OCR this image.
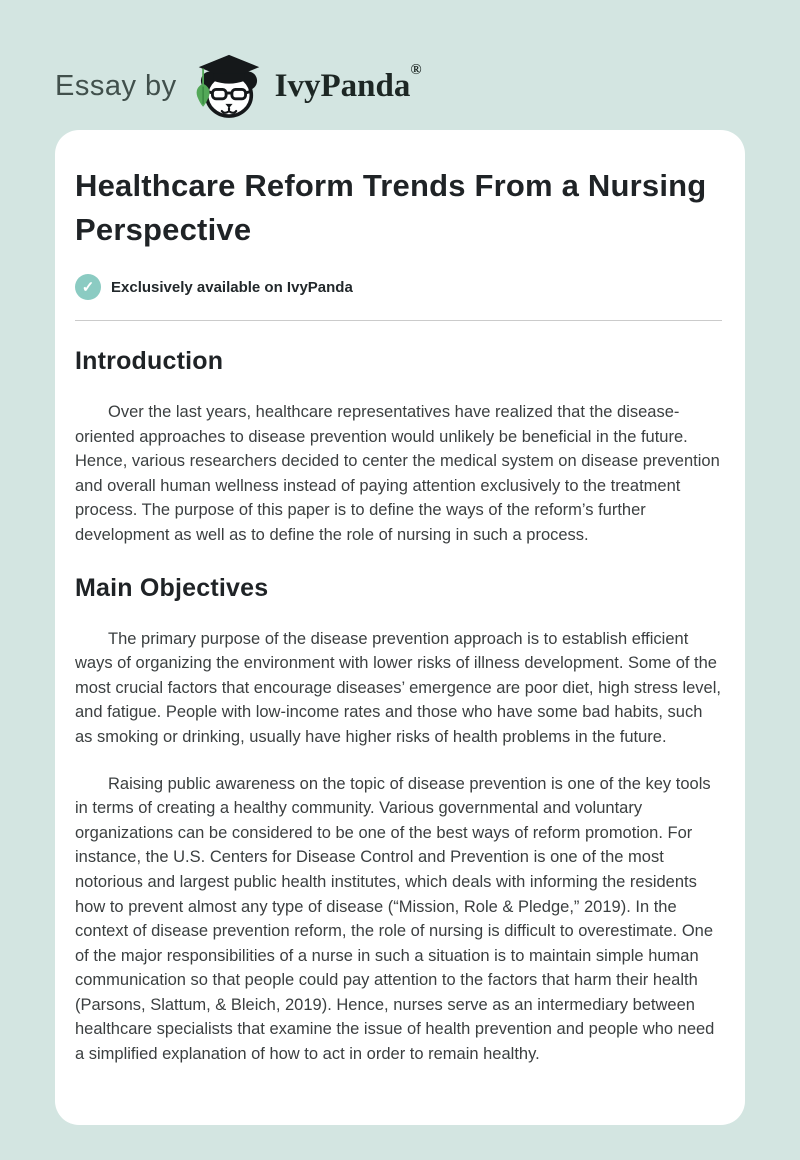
Essay by	IvyPanda®
Healthcare Reform Trends From a Nursing Perspective
✓	Exclusively available on IvyPanda
Introduction

Over the last years, healthcare representatives have realized that the disease-oriented approaches to disease prevention would unlikely be beneficial in the future. Hence, various researchers decided to center the medical system on disease prevention and overall human wellness instead of paying attention exclusively to the treatment process. The purpose of this paper is to define the ways of the reform’s further development as well as to define the role of nursing in such a process.

Main Objectives

The primary purpose of the disease prevention approach is to establish efficient ways of organizing the environment with lower risks of illness development. Some of the most crucial factors that encourage diseases’ emergence are poor diet, high stress level, and fatigue. People with low-income rates and those who have some bad habits, such as smoking or drinking, usually have higher risks of health problems in the future.

Raising public awareness on the topic of disease prevention is one of the key tools in terms of creating a healthy community. Various governmental and voluntary organizations can be considered to be one of the best ways of reform promotion. For instance, the U.S. Centers for Disease Control and Prevention is one of the most notorious and largest public health institutes, which deals with informing the residents how to prevent almost any type of disease (“Mission, Role & Pledge,” 2019). In the context of disease prevention reform, the role of nursing is difficult to overestimate. One of the major responsibilities of a nurse in such a situation is to maintain simple human communication so that people could pay attention to the factors that harm their health (Parsons, Slattum, & Bleich, 2019). Hence, nurses serve as an intermediary between healthcare specialists that examine the issue of health prevention and people who need a simplified explanation of how to act in order to remain healthy.
